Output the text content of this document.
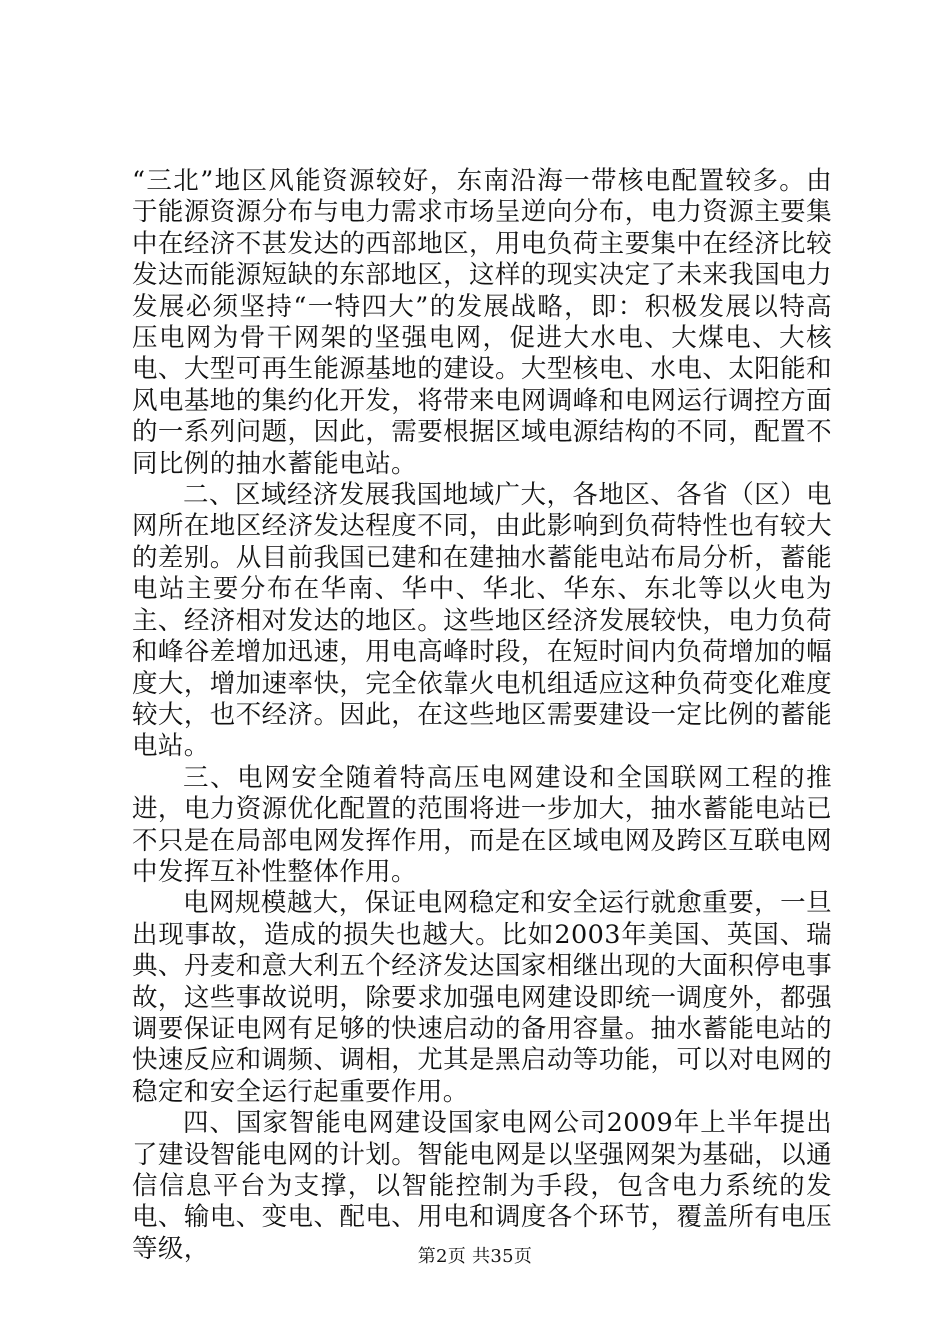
“三北”地区风能资源较好，东南沿海一带核电配置较多。由于能源资源分布与电力需求市场呈逆向分布，电力资源主要集中在经济不甚发达的西部地区，用电负荷主要集中在经济比较发达而能源短缺的东部地区，这样的现实决定了未来我国电力发展必须坚持“一特四大”的发展战略，即：积极发展以特高压电网为骨干网架的坚强电网，促进大水电、大煤电、大核电、大型可再生能源基地的建设。大型核电、水电、太阳能和风电基地的集约化开发，将带来电网调峰和电网运行调控方面的一系列问题，因此，需要根据区域电源结构的不同，配置不同比例的抽水蓄能电站。

二、区域经济发展我国地域广大，各地区、各省（区）电网所在地区经济发达程度不同，由此影响到负荷特性也有较大的差别。从目前我国已建和在建抽水蓄能电站布局分析，蓄能电站主要分布在华南、华中、华北、华东、东北等以火电为主、经济相对发达的地区。这些地区经济发展较快，电力负荷和峰谷差增加迅速，用电高峰时段，在短时间内负荷增加的幅度大，增加速率快，完全依靠火电机组适应这种负荷变化难度较大，也不经济。因此，在这些地区需要建设一定比例的蓄能电站。

三、电网安全随着特高压电网建设和全国联网工程的推进，电力资源优化配置的范围将进一步加大，抽水蓄能电站已不只是在局部电网发挥作用，而是在区域电网及跨区互联电网中发挥互补性整体作用。

电网规模越大，保证电网稳定和安全运行就愈重要，一旦出现事故，造成的损失也越大。比如2003年美国、英国、瑞典、丹麦和意大利五个经济发达国家相继出现的大面积停电事故，这些事故说明，除要求加强电网建设即统一调度外，都强调要保证电网有足够的快速启动的备用容量。抽水蓄能电站的快速反应和调频、调相，尤其是黑启动等功能，可以对电网的稳定和安全运行起重要作用。

四、国家智能电网建设国家电网公司2009年上半年提出了建设智能电网的计划。智能电网是以坚强网架为基础，以通信信息平台为支撑，以智能控制为手段，包含电力系统的发电、输电、变电、配电、用电和调度各个环节，覆盖所有电压等级，	第2页 共35页
